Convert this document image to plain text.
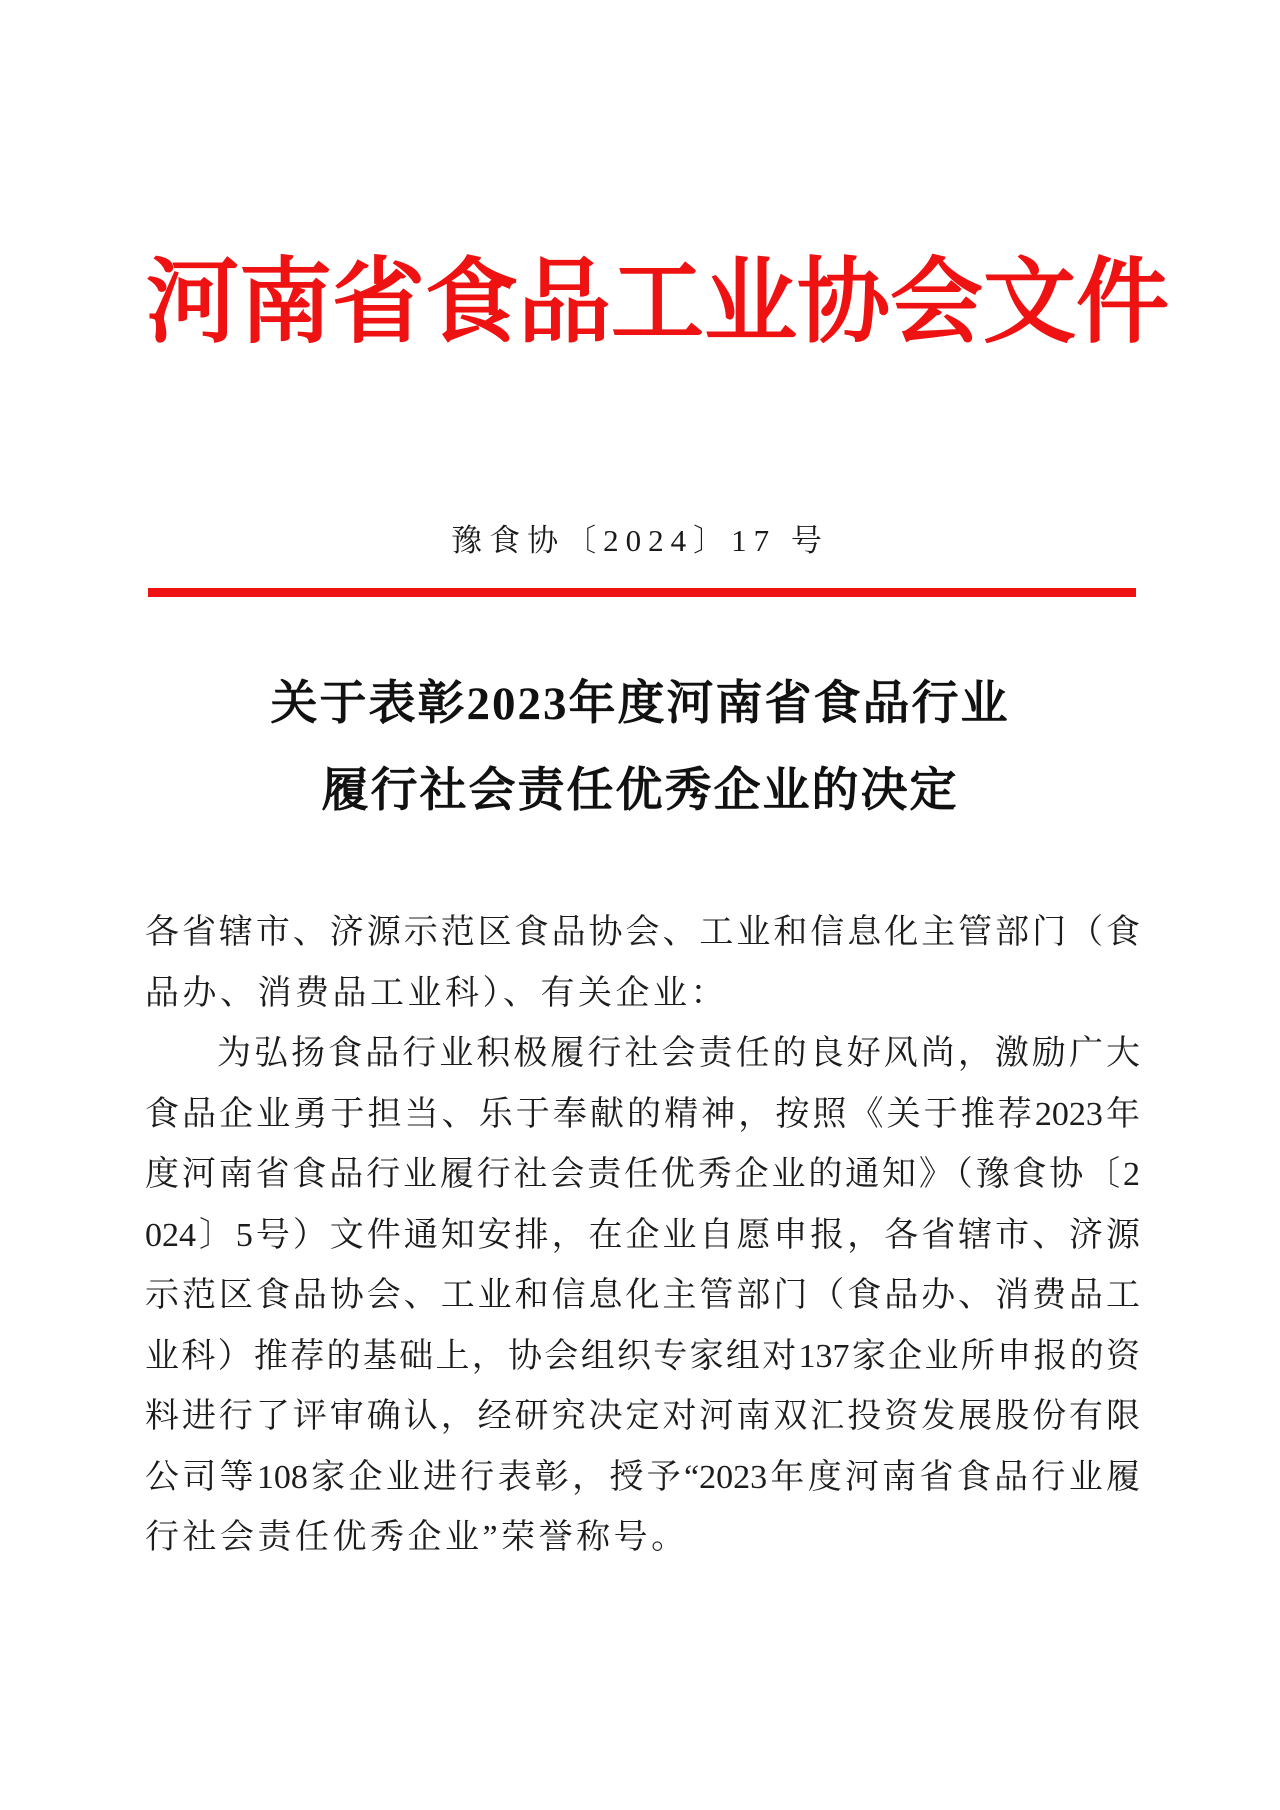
河南省食品工业协会文件
豫食协〔2024〕17 号
关于表彰2023年度河南省食品行业
履行社会责任优秀企业的决定
各省辖市、济源示范区食品协会、工业和信息化主管部门（食
品办、消费品工业科）、有关企业：
为弘扬食品行业积极履行社会责任的良好风尚，激励广大
食品企业勇于担当、乐于奉献的精神，按照《关于推荐2023年
度河南省食品行业履行社会责任优秀企业的通知》（豫食协〔2
024〕5号）文件通知安排，在企业自愿申报，各省辖市、济源
示范区食品协会、工业和信息化主管部门（食品办、消费品工
业科）推荐的基础上，协会组织专家组对137家企业所申报的资
料进行了评审确认，经研究决定对河南双汇投资发展股份有限
公司等108家企业进行表彰，授予“2023年度河南省食品行业履
行社会责任优秀企业”荣誉称号。
